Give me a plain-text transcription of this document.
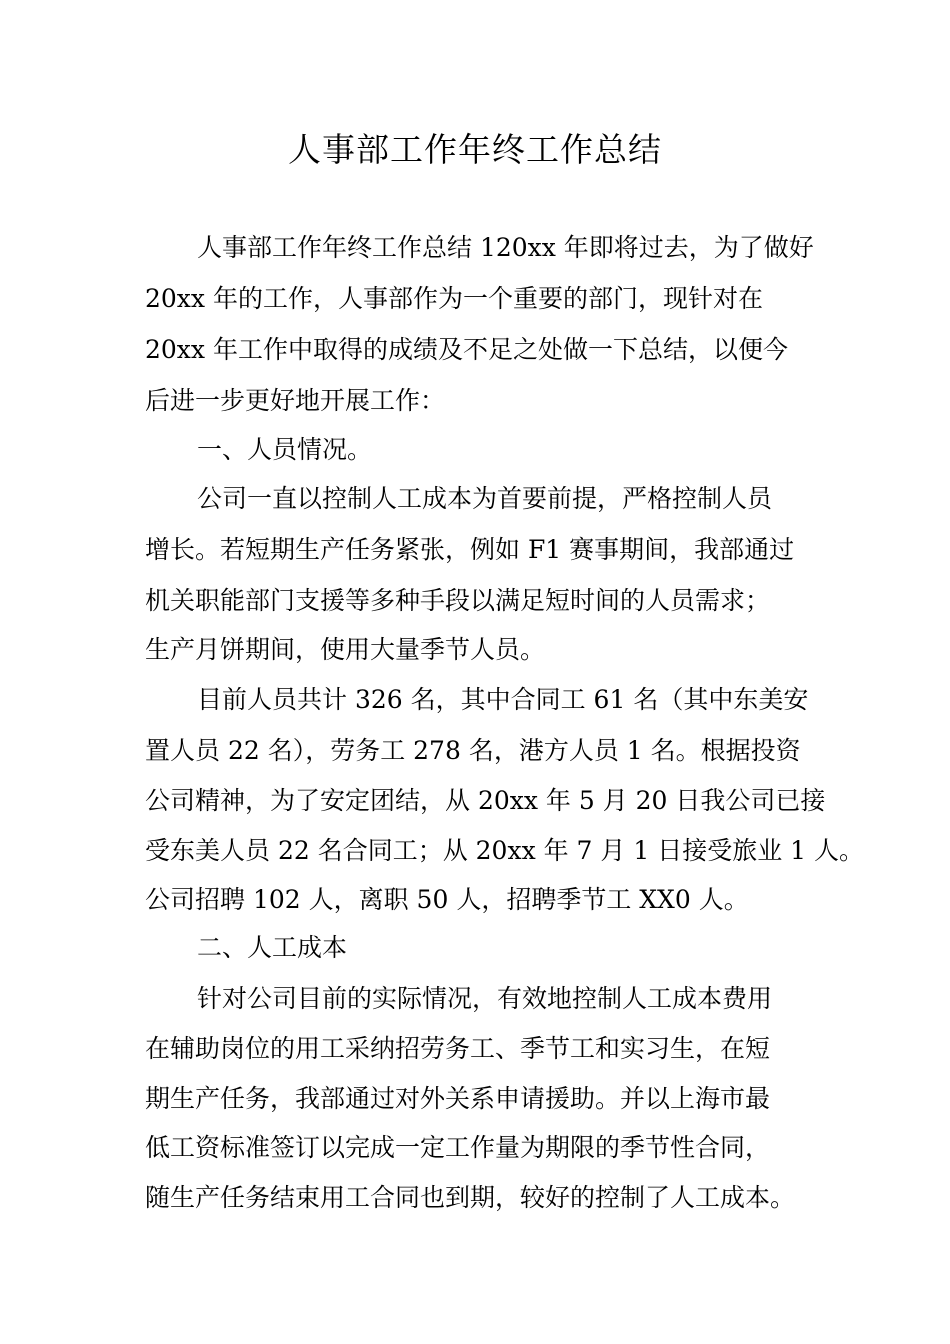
人事部工作年终工作总结

人事部工作年终工作总结 120xx 年即将过去，为了做好

20xx 年的工作，人事部作为一个重要的部门，现针对在

20xx 年工作中取得的成绩及不足之处做一下总结，以便今

后进一步更好地开展工作：

一、人员情况。

公司一直以控制人工成本为首要前提，严格控制人员

增长。若短期生产任务紧张，例如 F1 赛事期间，我部通过

机关职能部门支援等多种手段以满足短时间的人员需求；

生产月饼期间，使用大量季节人员。

目前人员共计 326 名，其中合同工 61 名（其中东美安

置人员 22 名），劳务工 278 名，港方人员 1 名。根据投资

公司精神，为了安定团结，从 20xx 年 5 月 20 日我公司已接

受东美人员 22 名合同工；从 20xx 年 7 月 1 日接受旅业 1 人。

公司招聘 102 人，离职 50 人，招聘季节工 XX0 人。

二、人工成本

针对公司目前的实际情况，有效地控制人工成本费用

在辅助岗位的用工采纳招劳务工、季节工和实习生，在短

期生产任务，我部通过对外关系申请援助。并以上海市最

低工资标准签订以完成一定工作量为期限的季节性合同，

随生产任务结束用工合同也到期，较好的控制了人工成本。
